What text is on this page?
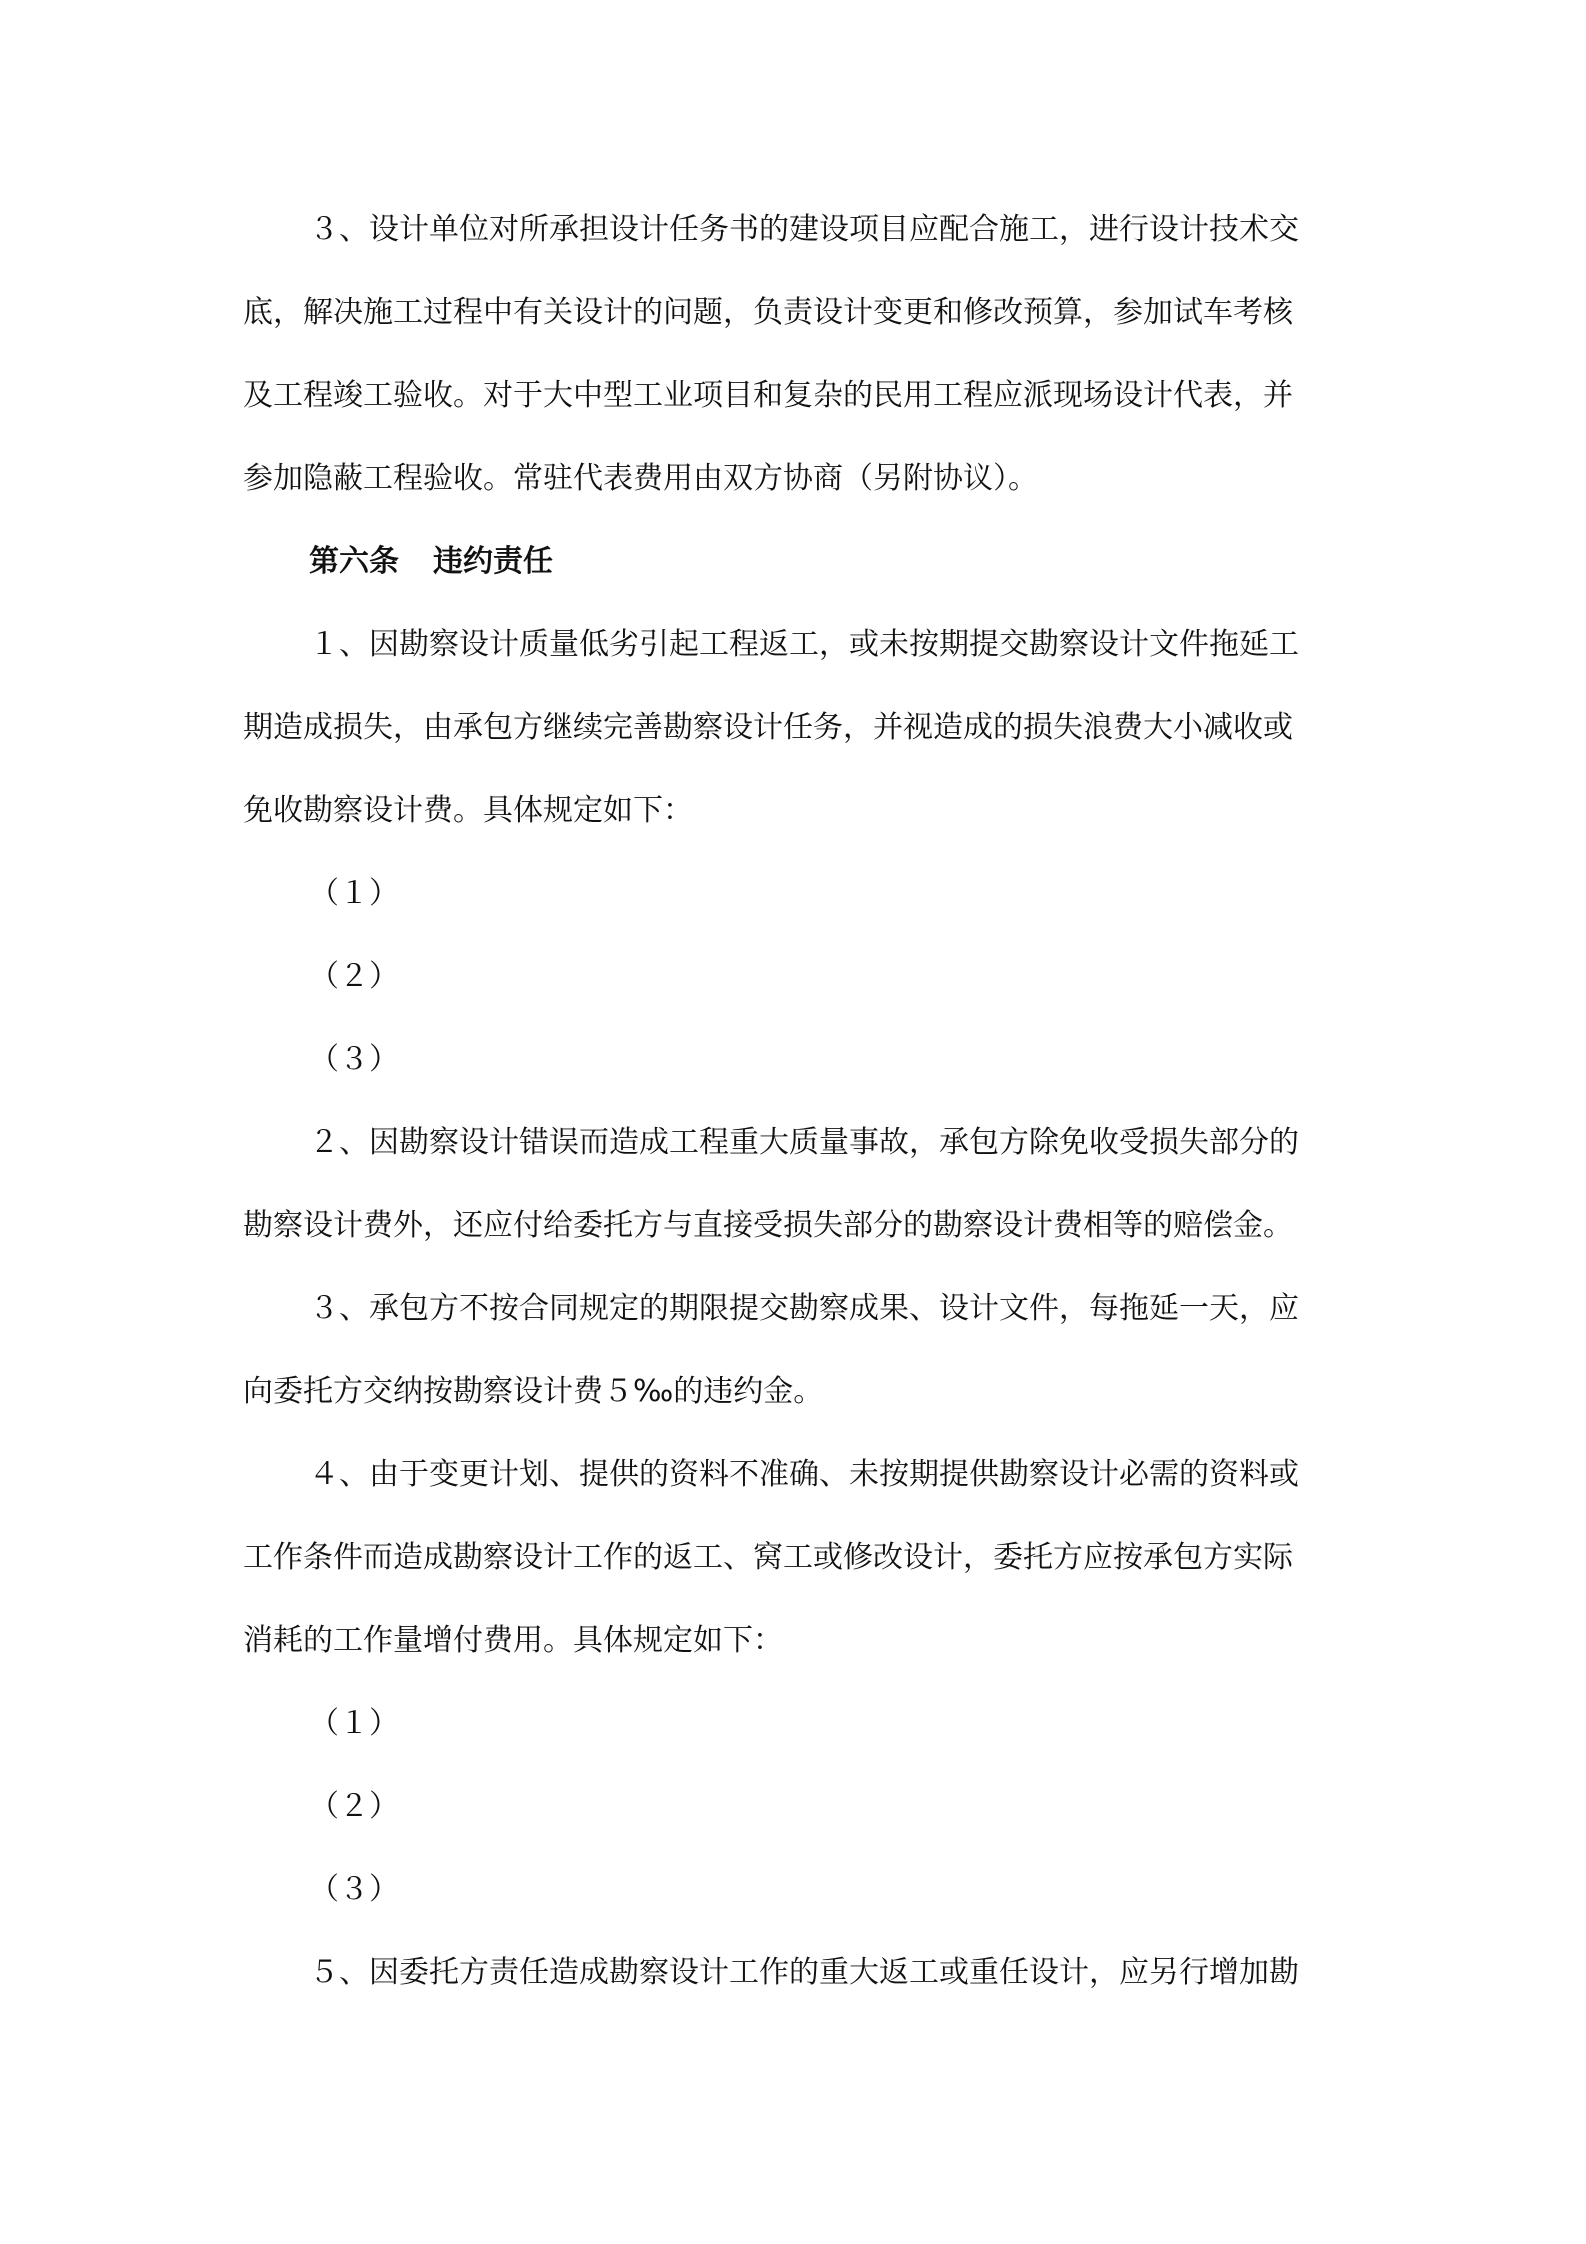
３、设计单位对所承担设计任务书的建设项目应配合施工，进行设计技术交
底，解决施工过程中有关设计的问题，负责设计变更和修改预算，参加试车考核
及工程竣工验收。对于大中型工业项目和复杂的民用工程应派现场设计代表，并
参加隐蔽工程验收。常驻代表费用由双方协商（另附协议）。
第六条 违约责任
１、因勘察设计质量低劣引起工程返工，或未按期提交勘察设计文件拖延工
期造成损失，由承包方继续完善勘察设计任务，并视造成的损失浪费大小减收或
免收勘察设计费。具体规定如下：
（１）
（２）
（３）
２、因勘察设计错误而造成工程重大质量事故，承包方除免收受损失部分的
勘察设计费外，还应付给委托方与直接受损失部分的勘察设计费相等的赔偿金。
３、承包方不按合同规定的期限提交勘察成果、设计文件，每拖延一天，应
向委托方交纳按勘察设计费５‰的违约金。
４、由于变更计划、提供的资料不准确、未按期提供勘察设计必需的资料或
工作条件而造成勘察设计工作的返工、窝工或修改设计，委托方应按承包方实际
消耗的工作量增付费用。具体规定如下：
（１）
（２）
（３）
５、因委托方责任造成勘察设计工作的重大返工或重任设计，应另行增加勘
